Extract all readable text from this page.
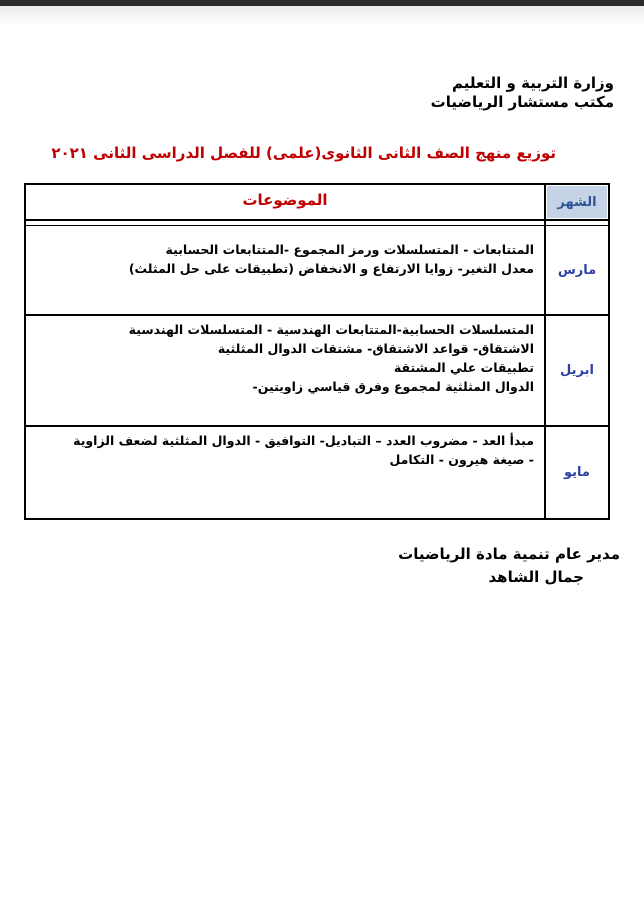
وزارة التربية و التعليم
مكتب مستشار الرياضيات
توزيع منهج الصف الثانى الثانوى(علمى) للفصل الدراسى الثانى ٢٠٢١
الشهر
الموضوعات
مارس
المتتابعات - المتسلسلات ورمز المجموع -المتتابعات الحسابية
معدل التغير- زوايا الارتفاع و الانخفاض (تطبيقات على حل المثلث)
ابريل
المتسلسلات الحسابية-المتتابعات الهندسية - المتسلسلات الهندسية
الاشتقاق- قواعد الاشتقاق- مشتقات الدوال المثلثية
تطبيقات علي المشتقة
الدوال المثلثية لمجموع وفرق قياسي زاويتين-
مايو
مبدأ العد - مضروب العدد – التباديل- التوافيق - الدوال المثلثية لضعف الزاوية
- صيغة هيرون - التكامل
مدير عام تنمية مادة الرياضيات
جمال الشاهد
